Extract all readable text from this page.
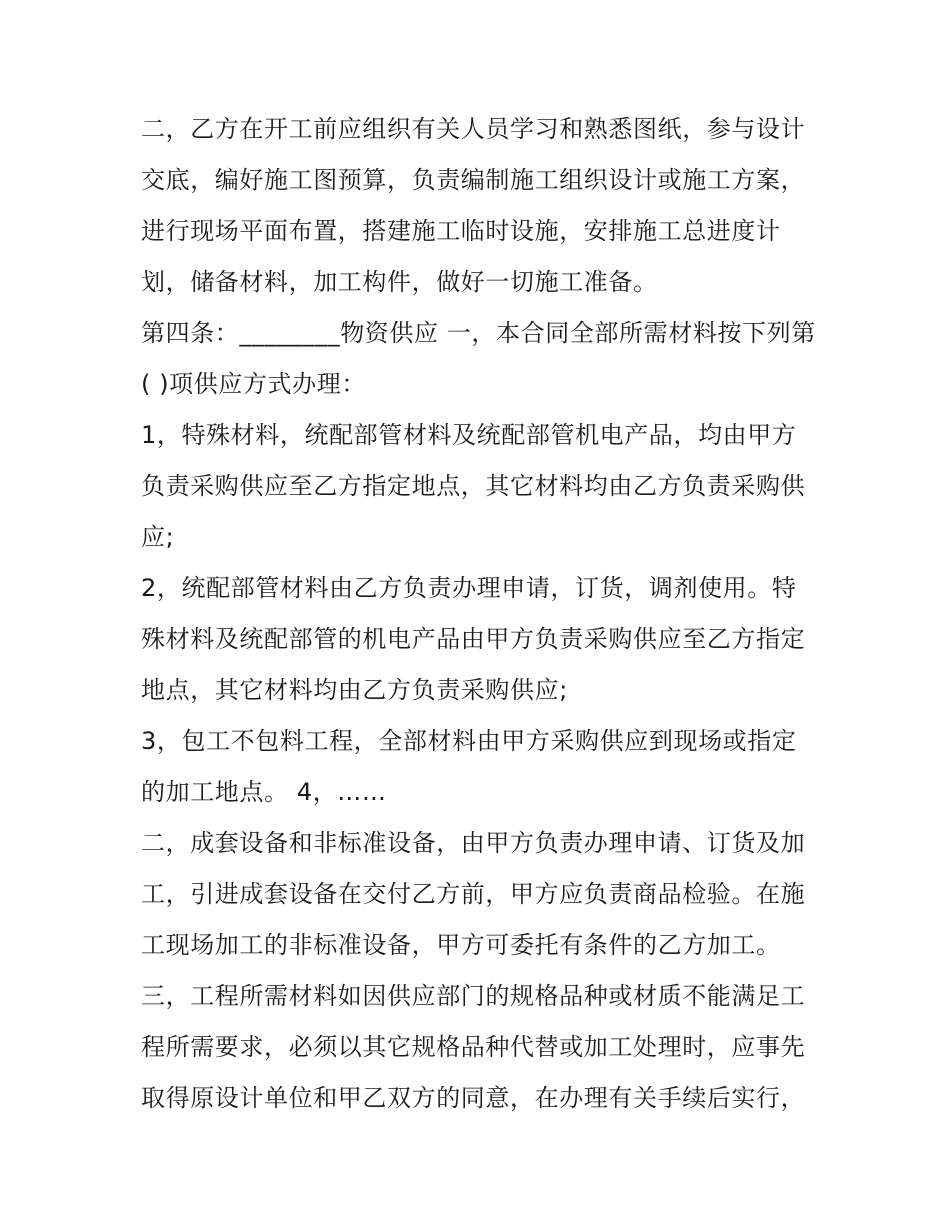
二，乙方在开工前应组织有关人员学习和熟悉图纸，参与设计
交底，编好施工图预算，负责编制施工组织设计或施工方案，
进行现场平面布置，搭建施工临时设施，安排施工总进度计
划，储备材料，加工构件，做好一切施工准备。
第四条：________物资供应 一，本合同全部所需材料按下列第
( )项供应方式办理：
1，特殊材料，统配部管材料及统配部管机电产品，均由甲方
负责采购供应至乙方指定地点，其它材料均由乙方负责采购供
应;
2，统配部管材料由乙方负责办理申请，订货，调剂使用。特
殊材料及统配部管的机电产品由甲方负责采购供应至乙方指定
地点，其它材料均由乙方负责采购供应;
3，包工不包料工程，全部材料由甲方采购供应到现场或指定
的加工地点。 4，……
二，成套设备和非标准设备，由甲方负责办理申请、订货及加
工，引进成套设备在交付乙方前，甲方应负责商品检验。在施
工现场加工的非标准设备，甲方可委托有条件的乙方加工。
三，工程所需材料如因供应部门的规格品种或材质不能满足工
程所需要求，必须以其它规格品种代替或加工处理时，应事先
取得原设计单位和甲乙双方的同意，在办理有关手续后实行，
